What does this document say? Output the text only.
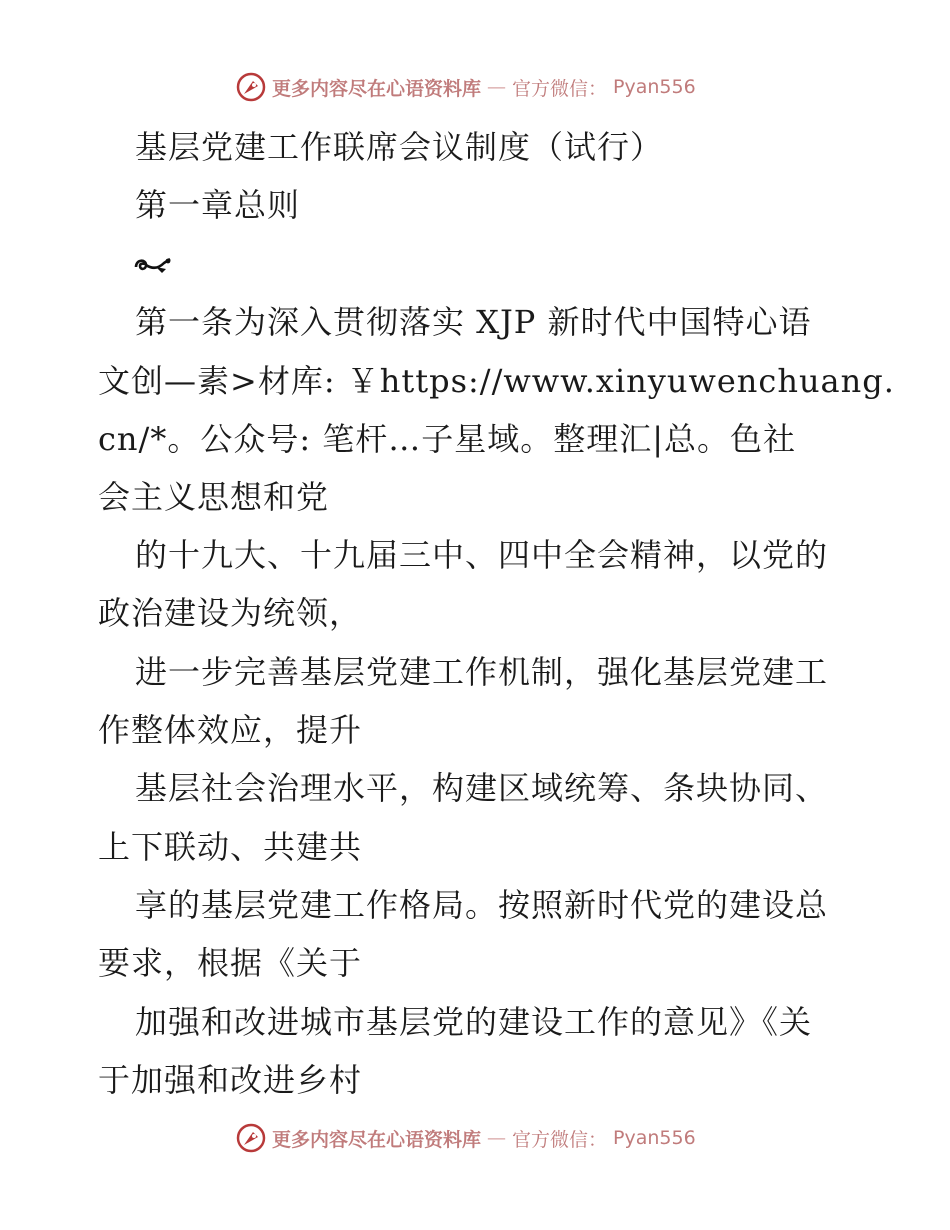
更多内容尽在心语资料库 — 官方微信： Pyan556
基层党建工作联席会议制度（试行）
第一章总则
第一条为深入贯彻落实 XJP 新时代中国特心语
文创—素>材库: ￥https://www.xinyuwenchuang.
cn/*。公众号: 笔杆…子星域。整理汇|总。色社
会主义思想和党
的十九大、十九届三中、四中全会精神，以党的
政治建设为统领，
进一步完善基层党建工作机制，强化基层党建工
作整体效应，提升
基层社会治理水平，构建区域统筹、条块协同、
上下联动、共建共
享的基层党建工作格局。按照新时代党的建设总
要求，根据《关于
加强和改进城市基层党的建设工作的意见》《关
于加强和改进乡村
更多内容尽在心语资料库 — 官方微信： Pyan556
